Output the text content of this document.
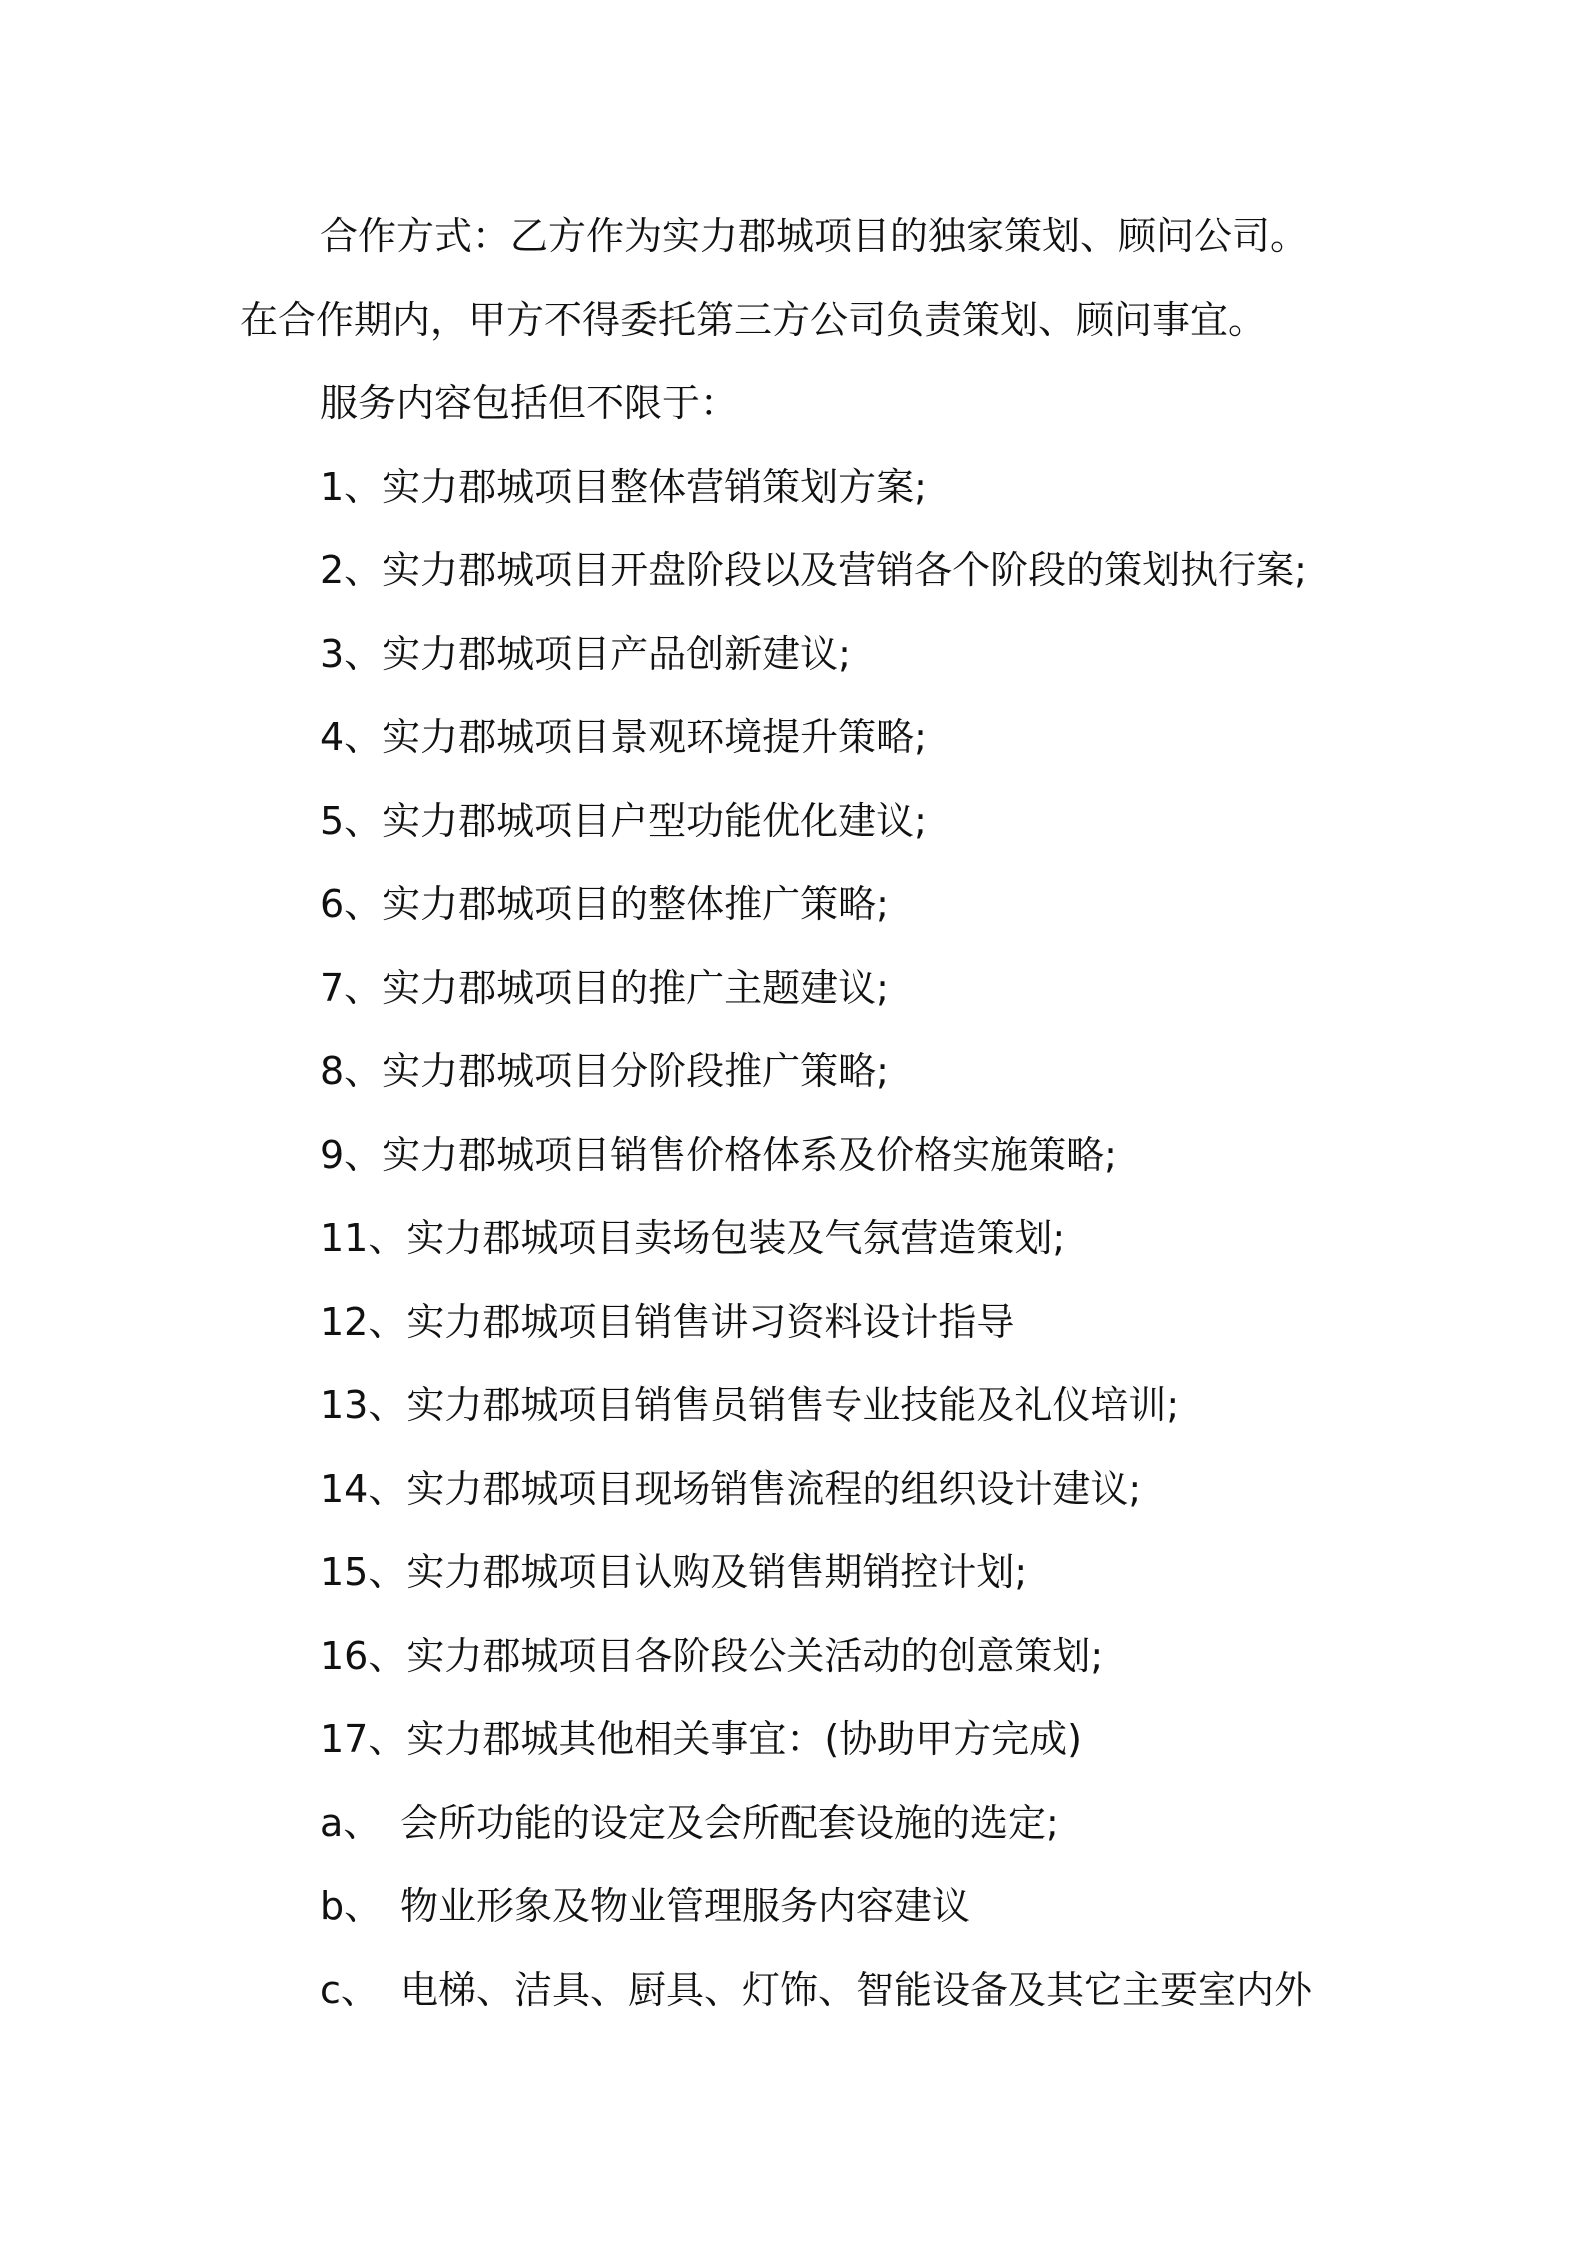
合作方式：乙方作为实力郡城项目的独家策划、顾问公司。
在合作期内，甲方不得委托第三方公司负责策划、顾问事宜。
服务内容包括但不限于：
1、实力郡城项目整体营销策划方案;
2、实力郡城项目开盘阶段以及营销各个阶段的策划执行案;
3、实力郡城项目产品创新建议;
4、实力郡城项目景观环境提升策略;
5、实力郡城项目户型功能优化建议;
6、实力郡城项目的整体推广策略;
7、实力郡城项目的推广主题建议;
8、实力郡城项目分阶段推广策略;
9、实力郡城项目销售价格体系及价格实施策略;
11、实力郡城项目卖场包装及气氛营造策划;
12、实力郡城项目销售讲习资料设计指导
13、实力郡城项目销售员销售专业技能及礼仪培训;
14、实力郡城项目现场销售流程的组织设计建议;
15、实力郡城项目认购及销售期销控计划;
16、实力郡城项目各阶段公关活动的创意策划;
17、实力郡城其他相关事宜：(协助甲方完成)
a、 会所功能的设定及会所配套设施的选定;
b、 物业形象及物业管理服务内容建议
c、 电梯、洁具、厨具、灯饰、智能设备及其它主要室内外
